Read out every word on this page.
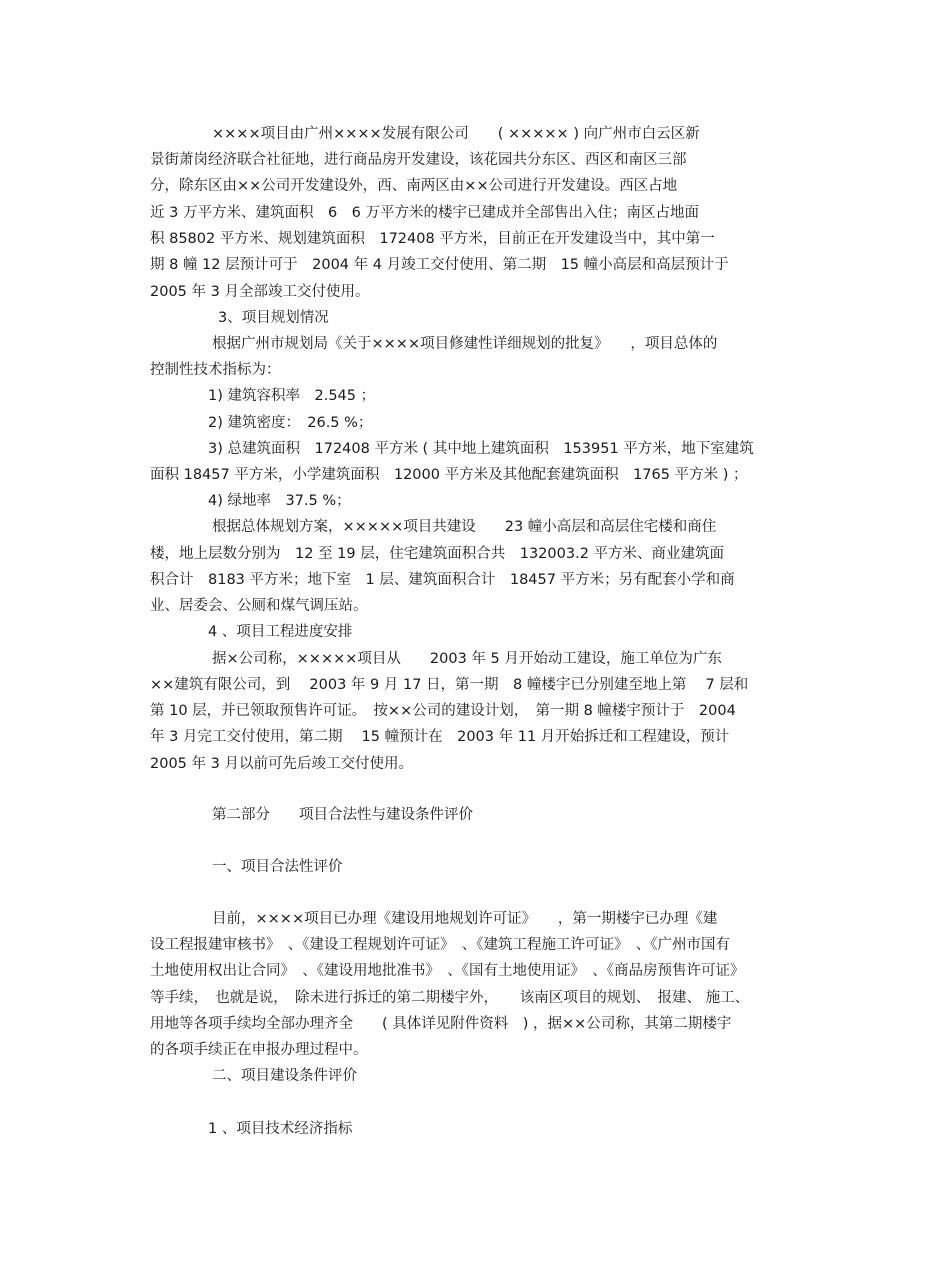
××××项目由广州××××发展有限公司　　( ××××× ) 向广州市白云区新
景街萧岗经济联合社征地，进行商品房开发建设，该花园共分东区、西区和南区三部
分，除东区由××公司开发建设外，西、南两区由××公司进行开发建设。西区占地
近 3 万平方米、建筑面积　6　6 万平方米的楼宇已建成并全部售出入住；南区占地面
积 85802 平方米、规划建筑面积　172408 平方米，目前正在开发建设当中，其中第一
期 8 幢 12 层预计可于　2004 年 4 月竣工交付使用、第二期　15 幢小高层和高层预计于
2005 年 3 月全部竣工交付使用。
3、项目规划情况
根据广州市规划局《关于××××项目修建性详细规划的批复》　　，项目总体的
控制性技术指标为：
1) 建筑容积率　2.545 ；
2) 建筑密度：　26.5 %；
3) 总建筑面积　172408 平方米 ( 其中地上建筑面积　153951 平方米，地下室建筑
面积 18457 平方米，小学建筑面积　12000 平方米及其他配套建筑面积　1765 平方米 ) ；
4) 绿地率　37.5 %；
根据总体规划方案，×××××项目共建设　　23 幢小高层和高层住宅楼和商住
楼，地上层数分别为　12 至 19 层，住宅建筑面积合共　132003.2 平方米、商业建筑面
积合计　8183 平方米；地下室　1 层、建筑面积合计　18457 平方米；另有配套小学和商
业、居委会、公厕和煤气调压站。
4 、项目工程进度安排
据×公司称，×××××项目从　　2003 年 5 月开始动工建设，施工单位为广东
××建筑有限公司，到　 2003 年 9 月 17 日，第一期　8 幢楼宇已分别建至地上第　 7 层和
第 10 层，并已领取预售许可证。　按××公司的建设计划，　第一期 8 幢楼宇预计于　2004
年 3 月完工交付使用，第二期　 15 幢预计在　2003 年 11 月开始拆迁和工程建设，预计
2005 年 3 月以前可先后竣工交付使用。
第二部分　　项目合法性与建设条件评价
一、项目合法性评价
目前，××××项目已办理《建设用地规划许可证》　　，第一期楼宇已办理《建
设工程报建审核书》　、《建设工程规划许可证》　、《建筑工程施工许可证》　、《广州市国有
土地使用权出让合同》　、《建设用地批准书》　、《国有土地使用证》　、《商品房预售许可证》
等手续，　也就是说，　除未进行拆迁的第二期楼宇外，　　该南区项目的规划、　报建、 施工、
用地等各项手续均全部办理齐全　　( 具体详见附件资料　) ，据××公司称，其第二期楼宇
的各项手续正在申报办理过程中。
二、项目建设条件评价
1 、项目技术经济指标
